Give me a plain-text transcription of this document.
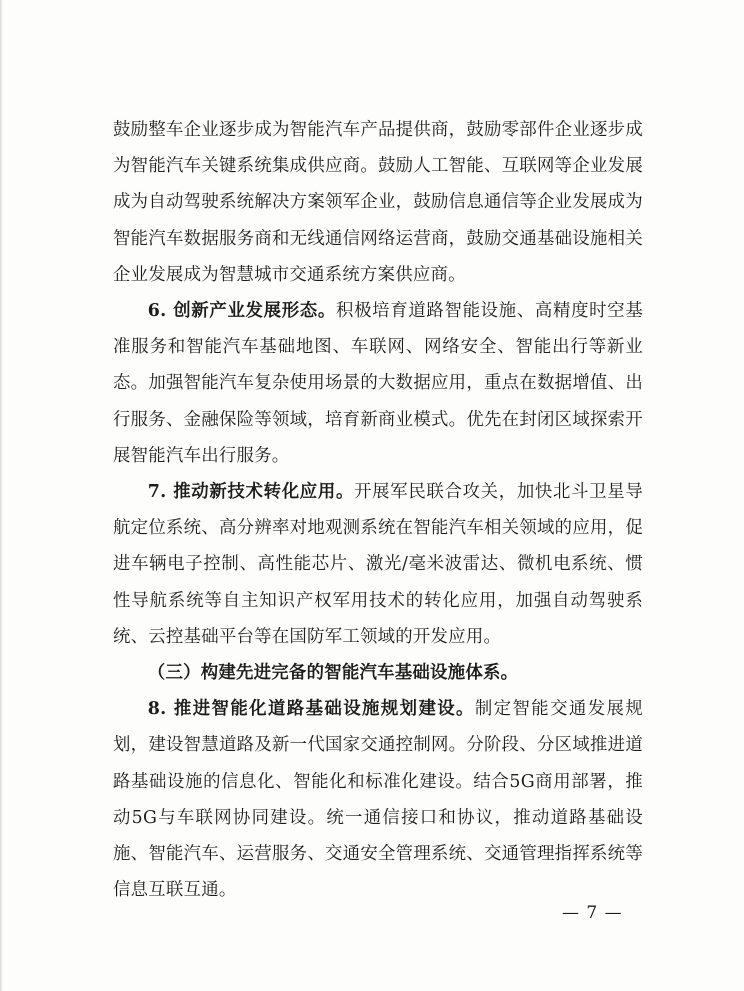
鼓励整车企业逐步成为智能汽车产品提供商，鼓励零部件企业逐步成为智能汽车关键系统集成供应商。鼓励人工智能、互联网等企业发展成为自动驾驶系统解决方案领军企业，鼓励信息通信等企业发展成为智能汽车数据服务商和无线通信网络运营商，鼓励交通基础设施相关企业发展成为智慧城市交通系统方案供应商。

6. 创新产业发展形态。积极培育道路智能设施、高精度时空基准服务和智能汽车基础地图、车联网、网络安全、智能出行等新业态。加强智能汽车复杂使用场景的大数据应用，重点在数据增值、出行服务、金融保险等领域，培育新商业模式。优先在封闭区域探索开展智能汽车出行服务。

7. 推动新技术转化应用。开展军民联合攻关，加快北斗卫星导航定位系统、高分辨率对地观测系统在智能汽车相关领域的应用，促进车辆电子控制、高性能芯片、激光/毫米波雷达、微机电系统、惯性导航系统等自主知识产权军用技术的转化应用，加强自动驾驶系统、云控基础平台等在国防军工领域的开发应用。

（三）构建先进完备的智能汽车基础设施体系。

8. 推进智能化道路基础设施规划建设。制定智能交通发展规划，建设智慧道路及新一代国家交通控制网。分阶段、分区域推进道路基础设施的信息化、智能化和标准化建设。结合5G商用部署，推动5G与车联网协同建设。统一通信接口和协议，推动道路基础设施、智能汽车、运营服务、交通安全管理系统、交通管理指挥系统等信息互联互通。

— 7 —
